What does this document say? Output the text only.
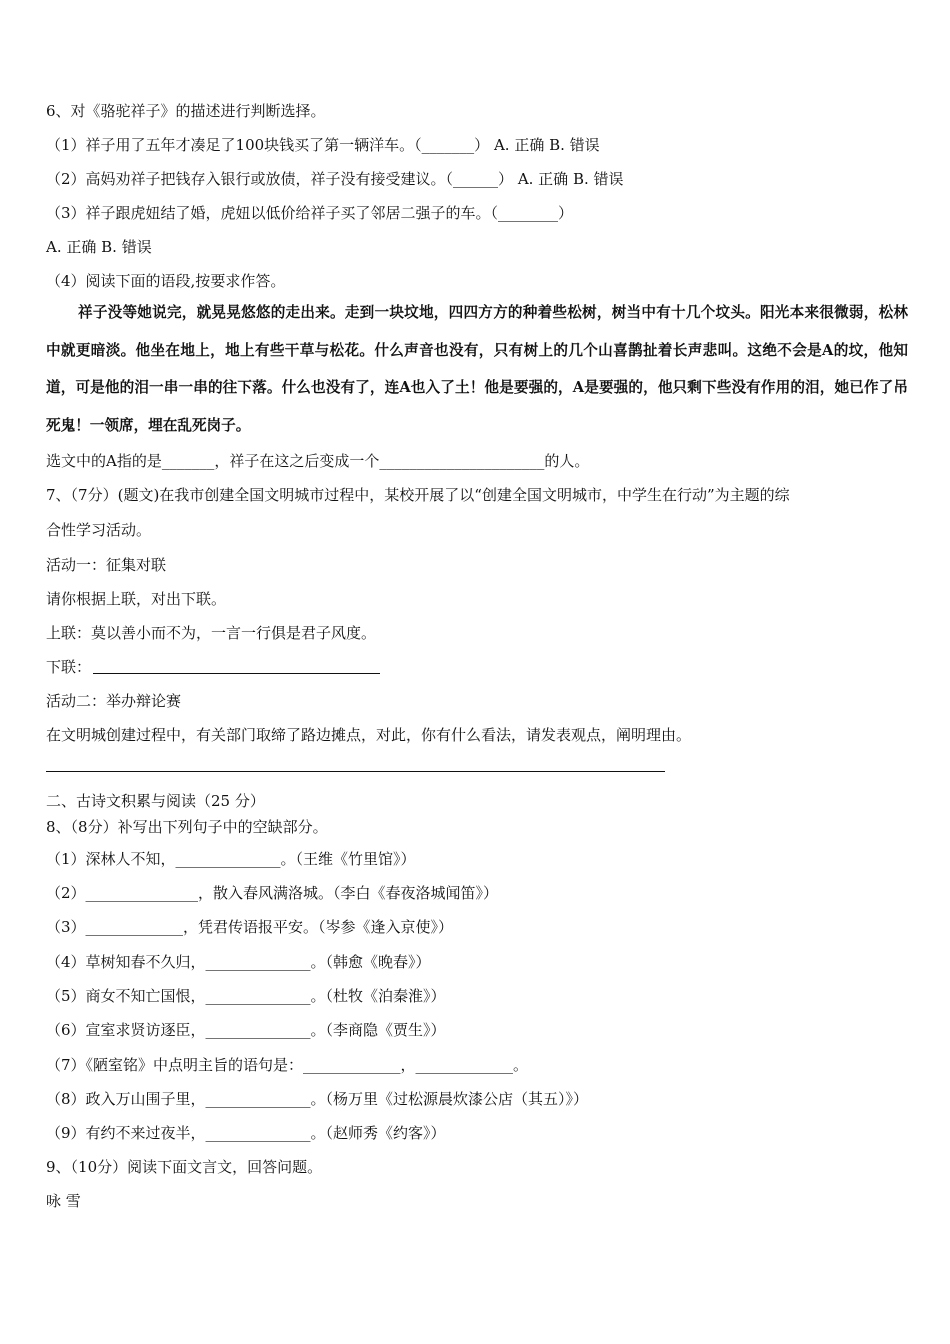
6、对《骆驼祥子》的描述进行判断选择。
（1）祥子用了五年才凑足了100块钱买了第一辆洋车。（_______） A. 正确 B. 错误
（2）高妈劝祥子把钱存入银行或放债，祥子没有接受建议。（______） A. 正确 B. 错误
（3）祥子跟虎妞结了婚，虎妞以低价给祥子买了邻居二强子的车。（________）
A. 正确 B. 错误
（4）阅读下面的语段,按要求作答。
祥子没等她说完，就晃晃悠悠的走出来。走到一块坟地，四四方方的种着些松树，树当中有十几个坟头。阳光本来很微弱，松林中就更暗淡。他坐在地上，地上有些干草与松花。什么声音也没有，只有树上的几个山喜鹊扯着长声悲叫。这绝不会是A的坟，他知道，可是他的泪一串一串的往下落。什么也没有了，连A也入了土！他是要强的，A是要强的，他只剩下些没有作用的泪，她已作了吊死鬼！一领席，埋在乱死岗子。
选文中的A指的是_______，祥子在这之后变成一个______________________的人。
7、（7分）(题文)在我市创建全国文明城市过程中，某校开展了以“创建全国文明城市，中学生在行动”为主题的综
合性学习活动。
活动一：征集对联
请你根据上联，对出下联。
上联：莫以善小而不为，一言一行俱是君子风度。
下联：
活动二：举办辩论赛
在文明城创建过程中，有关部门取缔了路边摊点，对此，你有什么看法，请发表观点，阐明理由。
二、古诗文积累与阅读（25 分）
8、（8分）补写出下列句子中的空缺部分。
（1）深林人不知，______________。（王维《竹里馆》）
（2）_______________，散入春风满洛城。（李白《春夜洛城闻笛》）
（3）_____________，凭君传语报平安。（岑参《逢入京使》）
（4）草树知春不久归，______________。（韩愈《晚春》）
（5）商女不知亡国恨，______________。（杜牧《泊秦淮》）
（6）宣室求贤访逐臣，______________。（李商隐《贾生》）
（7）《陋室铭》中点明主旨的语句是：_____________，_____________。
（8）政入万山围子里，______________。（杨万里《过松源晨炊漆公店（其五）》）
（9）有约不来过夜半，______________。（赵师秀《约客》）
9、（10分）阅读下面文言文，回答问题。
咏 雪
